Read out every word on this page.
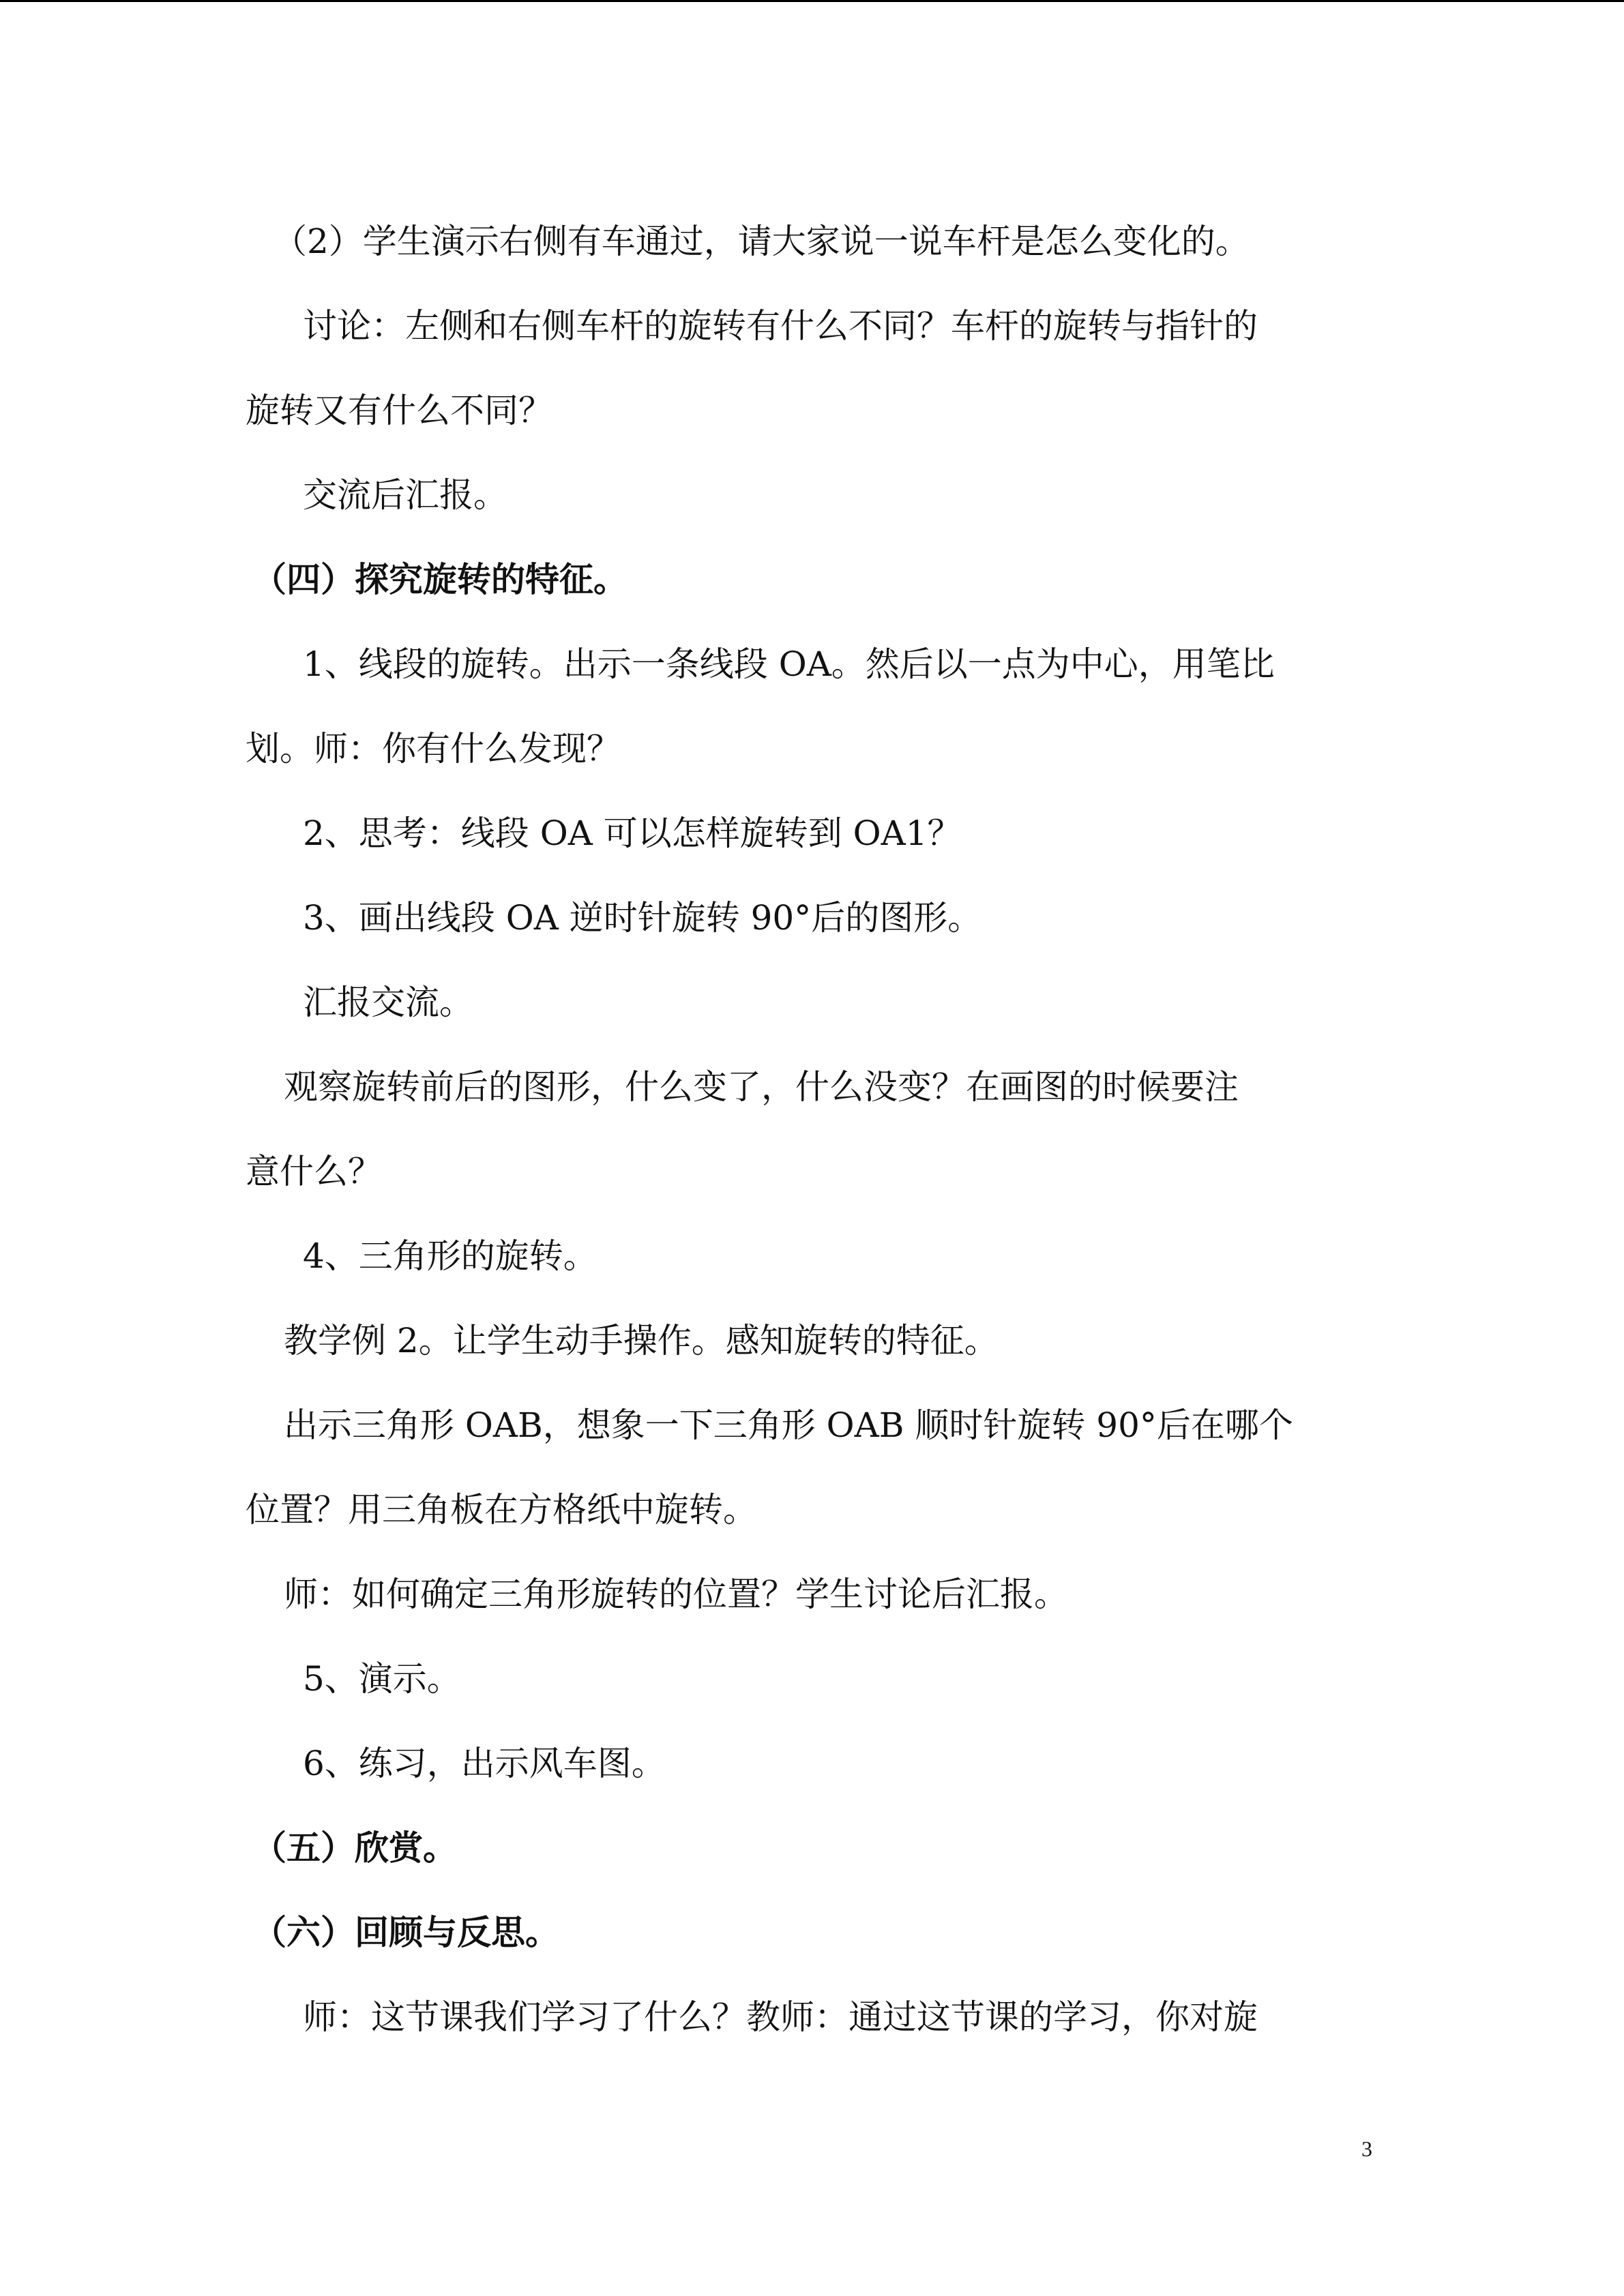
（2）学生演示右侧有车通过，请大家说一说车杆是怎么变化的。
讨论：左侧和右侧车杆的旋转有什么不同？车杆的旋转与指针的
旋转又有什么不同？
交流后汇报。
（四）探究旋转的特征。
1、线段的旋转。出示一条线段 OA。然后以一点为中心，用笔比
划。师：你有什么发现？
2、思考：线段 OA 可以怎样旋转到 OA1？
3、画出线段 OA 逆时针旋转 90°后的图形。
汇报交流。
观察旋转前后的图形，什么变了，什么没变？在画图的时候要注
意什么？
4、三角形的旋转。
教学例 2。让学生动手操作。感知旋转的特征。
出示三角形 OAB，想象一下三角形 OAB 顺时针旋转 90°后在哪个
位置？用三角板在方格纸中旋转。
师：如何确定三角形旋转的位置？学生讨论后汇报。
5、演示。
6、练习，出示风车图。
（五）欣赏。
（六）回顾与反思。
师：这节课我们学习了什么？教师：通过这节课的学习，你对旋
3
